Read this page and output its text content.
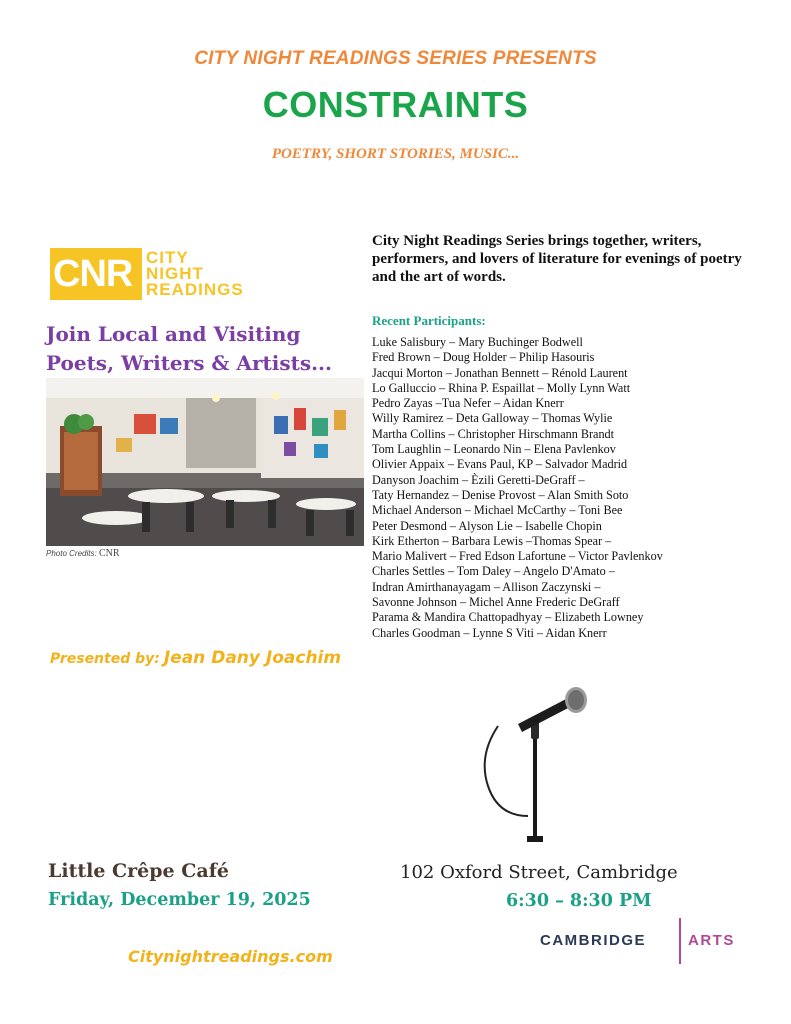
CITY NIGHT READINGS SERIES PRESENTS
CONSTRAINTS
POETRY, SHORT STORIES, MUSIC...
CNR CITY
NIGHT
READINGS
Join Local and Visiting
Poets, Writers & Artists...
Photo Credits: CNR
Presented by: Jean Dany Joachim
City Night Readings Series brings together, writers, performers, and lovers of literature for evenings of poetry and the art of words.
Recent Participants:
Luke Salisbury – Mary Buchinger Bodwell
Fred Brown – Doug Holder – Philip Hasouris
Jacqui Morton – Jonathan Bennett – Rénold Laurent
Lo Galluccio – Rhina P. Espaillat – Molly Lynn Watt
Pedro Zayas –Tua Nefer – Aidan Knerr
Willy Ramirez – Deta Galloway – Thomas Wylie
Martha Collins – Christopher Hirschmann Brandt
Tom Laughlin – Leonardo Nin – Elena Pavlenkov
Olivier Appaix – Evans Paul, KP – Salvador Madrid
Danyson Joachim – Èzili Geretti-DeGraff –
Taty Hernandez – Denise Provost – Alan Smith Soto
Michael Anderson – Michael McCarthy – Toni Bee
Peter Desmond – Alyson Lie – Isabelle Chopin
Kirk Etherton – Barbara Lewis –Thomas Spear –
Mario Malivert – Fred Edson Lafortune – Victor Pavlenkov
Charles Settles – Tom Daley – Angelo D'Amato –
Indran Amirthanayagam – Allison Zaczynski –
Savonne Johnson – Michel Anne Frederic DeGraff
Parama & Mandira Chattopadhyay – Elizabeth Lowney
Charles Goodman – Lynne S Viti – Aidan Knerr
Little Crêpe Café	102 Oxford Street, Cambridge
Friday, December 19, 2025	6:30 – 8:30 PM
CAMBRIDGE	ARTS
Citynightreadings.com
